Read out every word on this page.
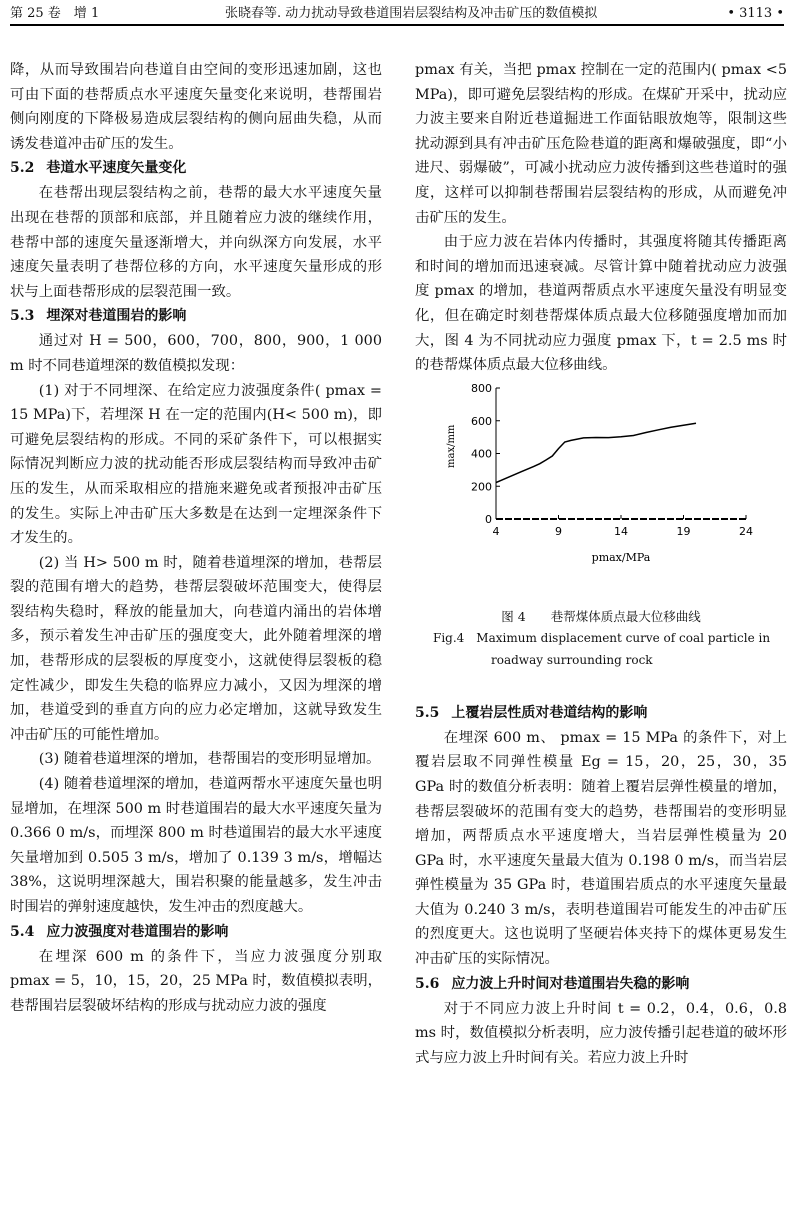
第 25 卷　增 1	张晓春等. 动力扰动导致巷道围岩层裂结构及冲击矿压的数值模拟	• 3113 •

降，从而导致围岩向巷道自由空间的变形迅速加剧，这也可由下面的巷帮质点水平速度矢量变化来说明，巷帮围岩侧向刚度的下降极易造成层裂结构的侧向屈曲失稳，从而诱发巷道冲击矿压的发生。

5.2 巷道水平速度矢量变化

在巷帮出现层裂结构之前，巷帮的最大水平速度矢量出现在巷帮的顶部和底部，并且随着应力波的继续作用，巷帮中部的速度矢量逐渐增大，并向纵深方向发展，水平速度矢量表明了巷帮位移的方向，水平速度矢量形成的形状与上面巷帮形成的层裂范围一致。

5.3 埋深对巷道围岩的影响

通过对 H = 500，600，700，800，900，1 000 m 时不同巷道埋深的数值模拟发现：

(1) 对于不同埋深、在给定应力波强度条件( pmax = 15 MPa)下，若埋深 H 在一定的范围内(H< 500 m)，即可避免层裂结构的形成。不同的采矿条件下，可以根据实际情况判断应力波的扰动能否形成层裂结构而导致冲击矿压的发生，从而采取相应的措施来避免或者预报冲击矿压的发生。实际上冲击矿压大多数是在达到一定埋深条件下才发生的。

(2) 当 H> 500 m 时，随着巷道埋深的增加，巷帮层裂的范围有增大的趋势，巷帮层裂破坏范围变大，使得层裂结构失稳时，释放的能量加大，向巷道内涌出的岩体增多，预示着发生冲击矿压的强度变大，此外随着埋深的增加，巷帮形成的层裂板的厚度变小，这就使得层裂板的稳定性减少，即发生失稳的临界应力减小，又因为埋深的增加，巷道受到的垂直方向的应力必定增加，这就导致发生冲击矿压的可能性增加。

(3) 随着巷道埋深的增加，巷帮围岩的变形明显增加。

(4) 随着巷道埋深的增加，巷道两帮水平速度矢量也明显增加，在埋深 500 m 时巷道围岩的最大水平速度矢量为 0.366 0 m/s，而埋深 800 m 时巷道围岩的最大水平速度矢量增加到 0.505 3 m/s，增加了 0.139 3 m/s，增幅达 38%，这说明埋深越大，围岩积聚的能量越多，发生冲击时围岩的弹射速度越快，发生冲击的烈度越大。

5.4 应力波强度对巷道围岩的影响

在埋深 600 m 的条件下，当应力波强度分别取 pmax = 5，10，15，20，25 MPa 时，数值模拟表明，巷帮围岩层裂破坏结构的形成与扰动应力波的强度

pmax 有关，当把 pmax 控制在一定的范围内( pmax <5 MPa)，即可避免层裂结构的形成。在煤矿开采中，扰动应力波主要来自附近巷道掘进工作面钻眼放炮等，限制这些扰动源到具有冲击矿压危险巷道的距离和爆破强度，即“小进尺、弱爆破”，可减小扰动应力波传播到这些巷道时的强度，这样可以抑制巷帮围岩层裂结构的形成，从而避免冲击矿压的发生。

由于应力波在岩体内传播时，其强度将随其传播距离和时间的增加而迅速衰减。尽管计算中随着扰动应力波强度 pmax 的增加，巷道两帮质点水平速度矢量没有明显变化，但在确定时刻巷帮煤体质点最大位移随强度增加而加大，图 4 为不同扰动应力强度 pmax 下，t = 2.5 ms 时的巷帮煤体质点最大位移曲线。

0
200
400
600
800
4	9	14	19	24
pmax/MPa
max/mm
图 4　　巷帮煤体质点最大位移曲线
Fig.4　Maximum displacement curve of coal particle in
roadway surrounding rock
5.5 上覆岩层性质对巷道结构的影响

在埋深 600 m、 pmax = 15 MPa 的条件下，对上覆岩层取不同弹性模量 Eg = 15，20，25，30，35 GPa 时的数值分析表明：随着上覆岩层弹性模量的增加，巷帮层裂破坏的范围有变大的趋势，巷帮围岩的变形明显增加，两帮质点水平速度增大，当岩层弹性模量为 20 GPa 时，水平速度矢量最大值为 0.198 0 m/s，而当岩层弹性模量为 35 GPa 时，巷道围岩质点的水平速度矢量最大值为 0.240 3 m/s，表明巷道围岩可能发生的冲击矿压的烈度更大。这也说明了坚硬岩体夹持下的煤体更易发生冲击矿压的实际情况。

5.6 应力波上升时间对巷道围岩失稳的影响

对于不同应力波上升时间 t = 0.2，0.4，0.6，0.8 ms 时，数值模拟分析表明，应力波传播引起巷道的破坏形式与应力波上升时间有关。若应力波上升时
